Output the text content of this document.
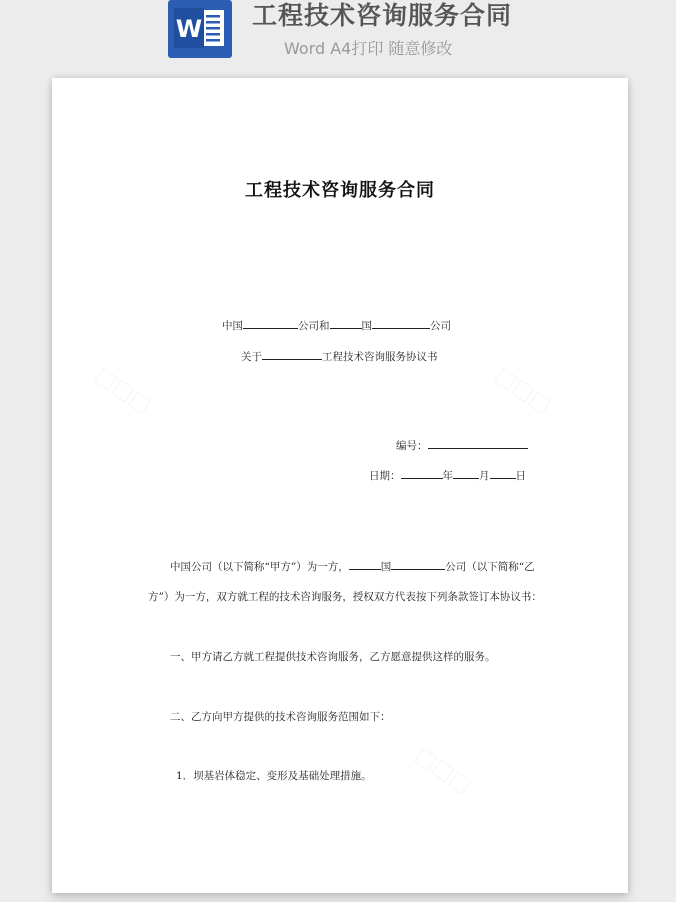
W 工程技术咨询服务合同
Word A4打印 随意修改
工程技术咨询服务合同
中国	公司和	国	公司
关于	工程技术咨询服务协议书
编号：
日期：	年 月 日
中国公司（以下简称“甲方”）为一方，	国	公司（以下简称“乙
方”）为一方，双方就工程的技术咨询服务，授权双方代表按下列条款签订本协议书：
一、甲方请乙方就工程提供技术咨询服务，乙方愿意提供这样的服务。
二、乙方向甲方提供的技术咨询服务范围如下：
1．坝基岩体稳定、变形及基础处理措施。
